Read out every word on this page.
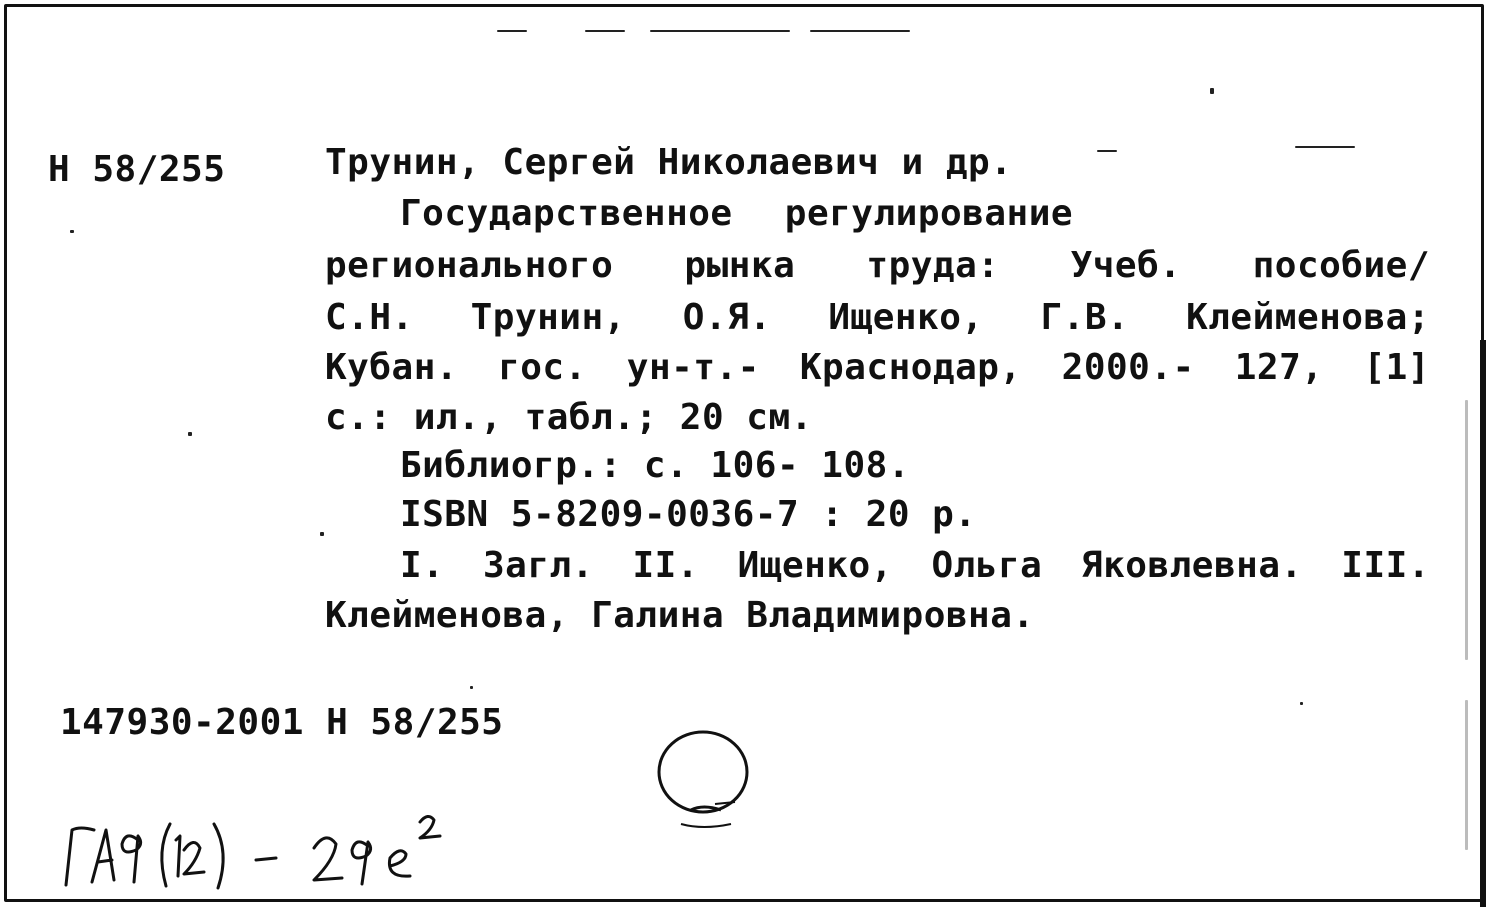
Н 58/255	Трунин, Сергей Николаевич и др.
Государственное регулирование
регионального рынка труда: Учеб. пособие/
С.Н. Трунин, О.Я. Ищенко, Г.В. Клейменова;
Кубан. гос. ун-т.- Краснодар, 2000.- 127, [1]
с.: ил., табл.; 20 см.
Библиогр.: с. 106- 108.
ISBN 5-8209-0036-7 : 20 р.
I. Загл. II. Ищенко, Ольга Яковлевна. III.
Клейменова, Галина Владимировна.
147930-2001 Н 58/255
